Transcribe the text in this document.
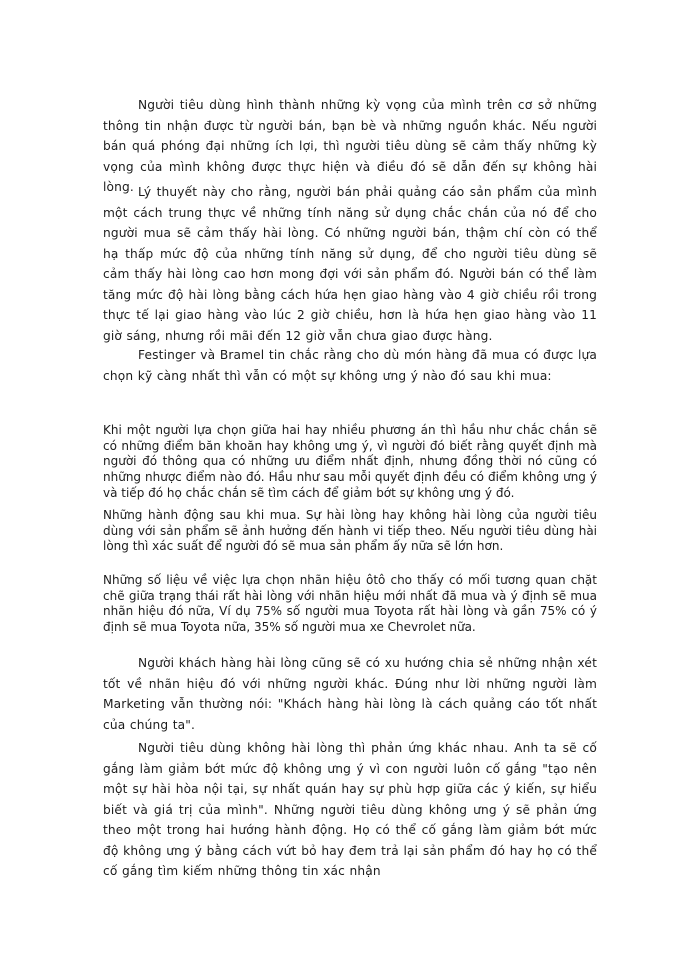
Người tiêu dùng hình thành những kỳ vọng của mình trên cơ sở những thông tin nhận được từ người bán, bạn bè và những nguồn khác. Nếu người bán quá phóng đại những ích lợi, thì người tiêu dùng sẽ cảm thấy những kỳ vọng của mình không được thực hiện và điều đó sẽ dẫn đến sự không hài lòng. Lý thuyết này cho rằng, người bán phải quảng cáo sản phẩm của mình một cách trung thực về những tính năng sử dụng chắc chắn của nó để cho người mua sẽ cảm thấy hài lòng. Có những người bán, thậm chí còn có thể hạ thấp mức độ của những tính năng sử dụng, để cho người tiêu dùng sẽ cảm thấy hài lòng cao hơn mong đợi với sản phẩm đó. Người bán có thể làm tăng mức độ hài lòng bằng cách hứa hẹn giao hàng vào 4 giờ chiều rồi trong thực tế lại giao hàng vào lúc 2 giờ chiều, hơn là hứa hẹn giao hàng vào 11 giờ sáng, nhưng rồi mãi đến 12 giờ vẫn chưa giao được hàng.

Festinger và Bramel tin chắc rằng cho dù món hàng đã mua có được lựa chọn kỹ càng nhất thì vẫn có một sự không ưng ý nào đó sau khi mua:

Khi một người lựa chọn giữa hai hay nhiều phương án thì hầu như chắc chắn sẽ có những điểm băn khoăn hay không ưng ý, vì người đó biết rằng quyết định mà người đó thông qua có những ưu điểm nhất định, nhưng đồng thời nó cũng có những nhược điểm nào đó. Hầu như sau mỗi quyết định đều có điểm không ưng ý và tiếp đó họ chắc chắn sẽ tìm cách để giảm bớt sự không ưng ý đó.

Những hành động sau khi mua. Sự hài lòng hay không hài lòng của người tiêu dùng với sản phẩm sẽ ảnh hưởng đến hành vi tiếp theo. Nếu người tiêu dùng hài lòng thì xác suất để người đó sẽ mua sản phẩm ấy nữa sẽ lớn hơn.

Những số liệu về việc lựa chọn nhãn hiệu ôtô cho thấy có mối tương quan chặt chẽ giữa trạng thái rất hài lòng với nhãn hiệu mới nhất đã mua và ý định sẽ mua nhãn hiệu đó nữa, Ví dụ 75% số người mua Toyota rất hài lòng và gần 75% có ý định sẽ mua Toyota nữa, 35% số người mua xe Chevrolet nữa.

Người khách hàng hài lòng cũng sẽ có xu hướng chia sẻ những nhận xét tốt về nhãn hiệu đó với những người khác. Đúng như lời những người làm Marketing vẫn thường nói: "Khách hàng hài lòng là cách quảng cáo tốt nhất của chúng ta".

Người tiêu dùng không hài lòng thì phản ứng khác nhau. Anh ta sẽ cố gắng làm giảm bớt mức độ không ưng ý vì con người luôn cố gắng "tạo nên một sự hài hòa nội tại, sự nhất quán hay sự phù hợp giữa các ý kiến, sự hiểu biết và giá trị của mình". Những người tiêu dùng không ưng ý sẽ phản ứng theo một trong hai hướng hành động. Họ có thể cố gắng làm giảm bớt mức độ không ưng ý bằng cách vứt bỏ hay đem trả lại sản phẩm đó hay họ có thể cố gắng tìm kiếm những thông tin xác nhận
